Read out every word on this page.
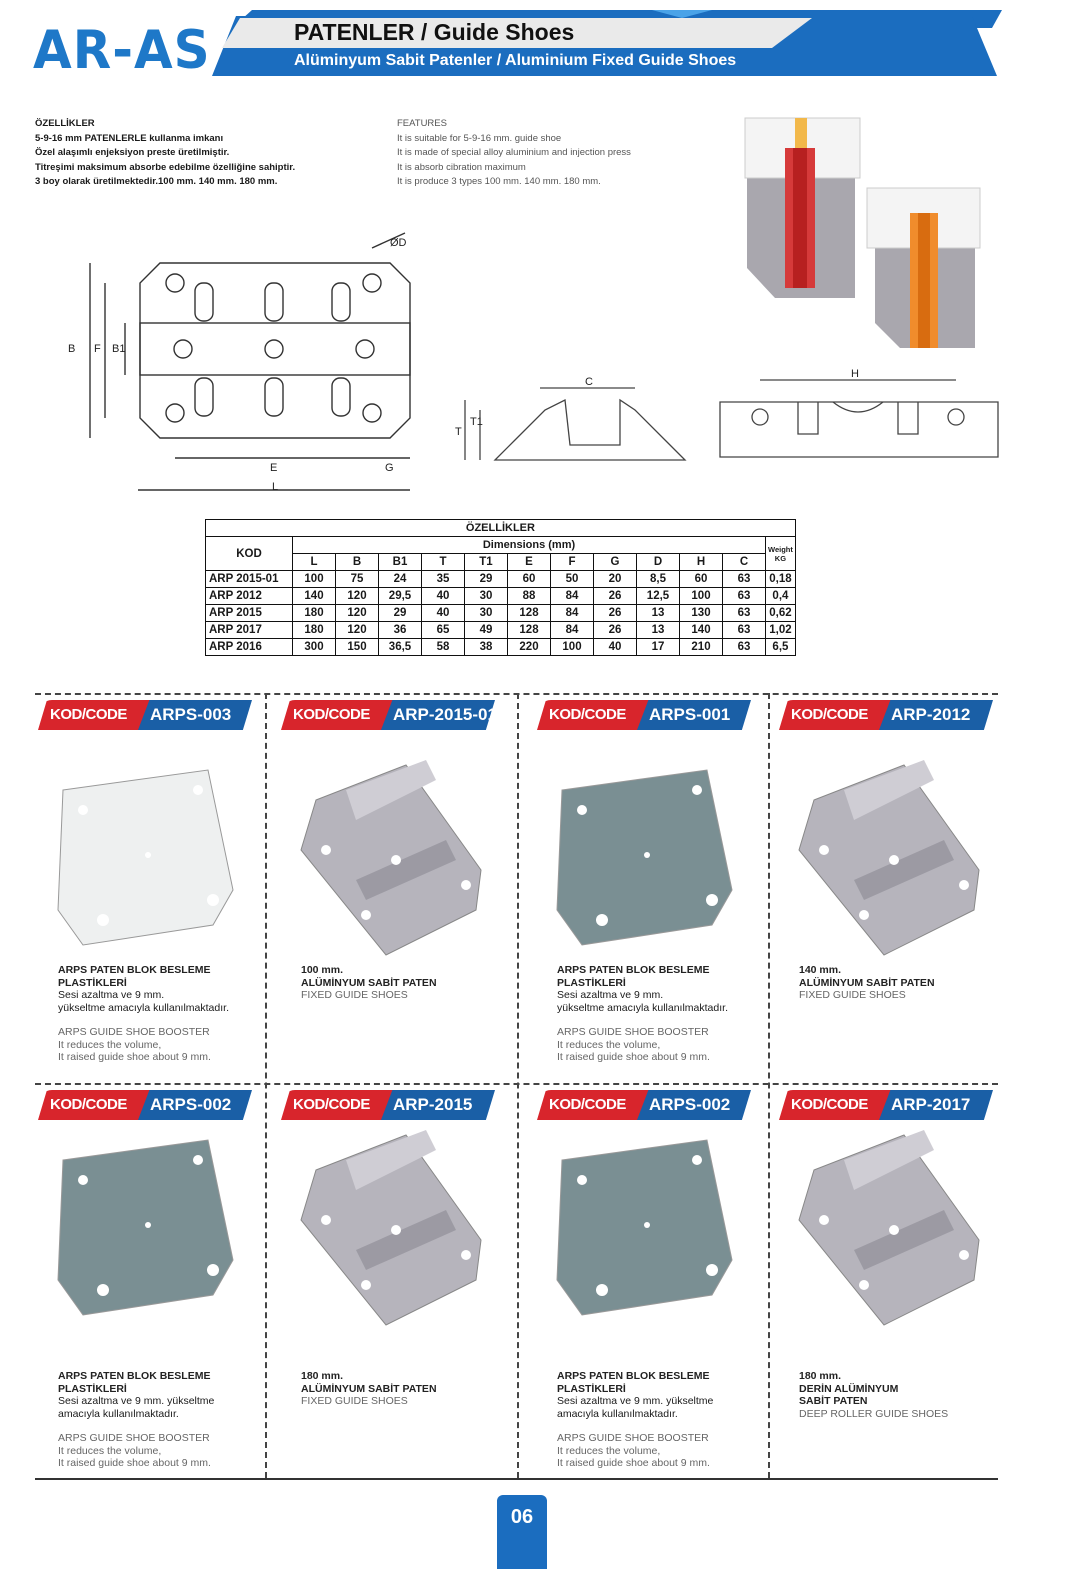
AR-AS	PATENLER / Guide Shoes
Alüminyum Sabit Patenler / Aluminium Fixed Guide Shoes
ÖZELLİKLER
5-9-16 mm PATENLERLE kullanma imkanı
Özel alaşımlı enjeksiyon preste üretilmiştir.
Titreşimi maksimum absorbe edebilme özelliğine sahiptir.
3 boy olarak üretilmektedir.100 mm. 140 mm. 180 mm.
FEATURES
It is suitable for 5-9-16 mm. guide shoe
It is made of special alloy aluminium and injection press
It is absorb cibration maximum
It is produce 3 types 100 mm. 140 mm. 180 mm.
B F B1
E	G
L
ØD
C
T
T1
H
ÖZELLİKLER												
KOD	Dimensions (mm)											Weight
KG
	L	B	B1	T	T1	E	F	G	D	H	C	
ARP 2015-01	100	75	24	35	29	60	50	20	8,5	60	63	0,18
ARP 2012	140	120	29,5	40	30	88	84	26	12,5	100	63	0,4
ARP 2015	180	120	29	40	30	128	84	26	13	130	63	0,62
ARP 2017	180	120	36	65	49	128	84	26	13	140	63	1,02
ARP 2016	300	150	36,5	58	38	220	100	40	17	210	63	6,5
KOD/CODE ARPS-003
ARPS PATEN BLOK BESLEME
PLASTİKLERİ
Sesi azaltma ve 9 mm.
yükseltme amacıyla kullanılmaktadır.
ARPS GUIDE SHOE BOOSTER
It reduces the volume,
It raised guide shoe about 9 mm.
KOD/CODE ARP-2015-01
100 mm.
ALÜMİNYUM SABİT PATEN
FIXED GUIDE SHOES
KOD/CODE ARPS-001
ARPS PATEN BLOK BESLEME
PLASTİKLERİ
Sesi azaltma ve 9 mm.
yükseltme amacıyla kullanılmaktadır.
ARPS GUIDE SHOE BOOSTER
It reduces the volume,
It raised guide shoe about 9 mm.
KOD/CODE ARP-2012
140 mm.
ALÜMİNYUM SABİT PATEN
FIXED GUIDE SHOES
KOD/CODE ARPS-002
ARPS PATEN BLOK BESLEME
PLASTİKLERİ
Sesi azaltma ve 9 mm. yükseltme
amacıyla kullanılmaktadır.
ARPS GUIDE SHOE BOOSTER
It reduces the volume,
It raised guide shoe about 9 mm.
KOD/CODE ARP-2015
180 mm.
ALÜMİNYUM SABİT PATEN
FIXED GUIDE SHOES
KOD/CODE ARPS-002
ARPS PATEN BLOK BESLEME
PLASTİKLERİ
Sesi azaltma ve 9 mm. yükseltme
amacıyla kullanılmaktadır.
ARPS GUIDE SHOE BOOSTER
It reduces the volume,
It raised guide shoe about 9 mm.
KOD/CODE ARP-2017
180 mm.
DERİN ALÜMİNYUM
SABİT PATEN
DEEP ROLLER GUIDE SHOES
06
